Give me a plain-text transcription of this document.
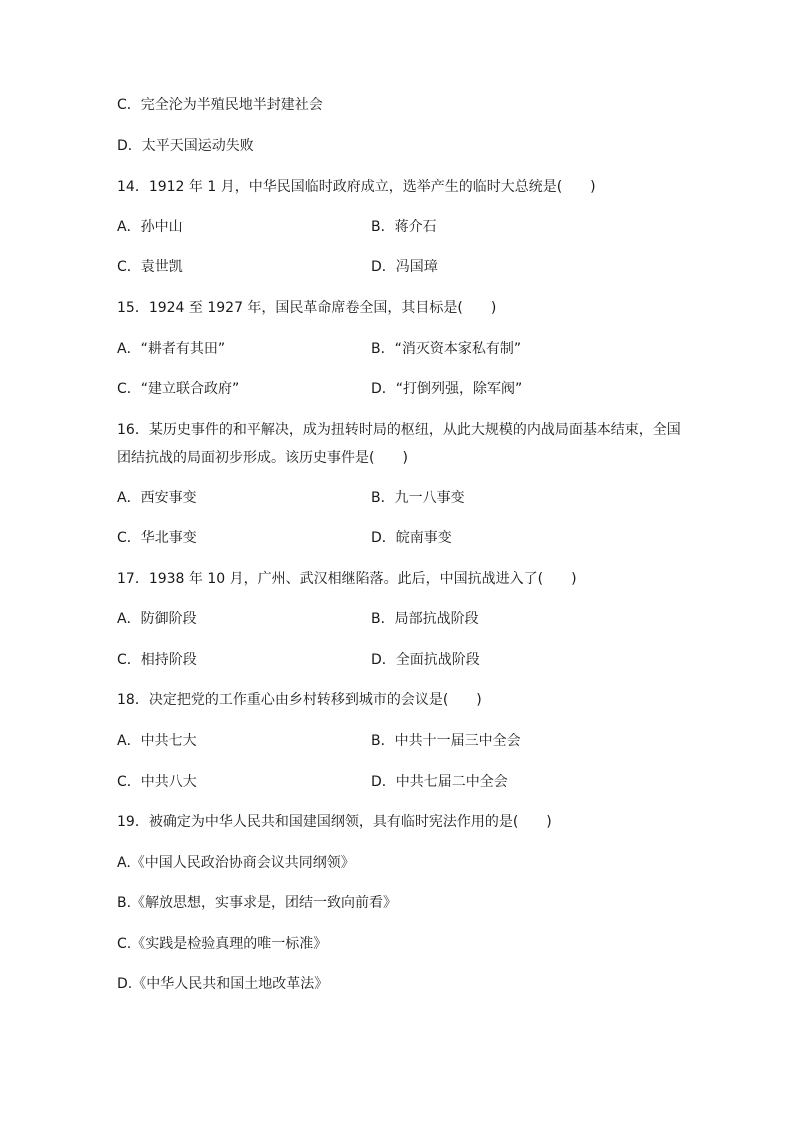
C．完全沦为半殖民地半封建社会
D．太平天国运动失败
14．1912 年 1 月，中华民国临时政府成立，选举产生的临时大总统是(　　)
A．孙中山	B．蒋介石
C．袁世凯	D．冯国璋
15．1924 至 1927 年，国民革命席卷全国，其目标是(　　)
A．“耕者有其田”	B．“消灭资本家私有制”
C．“建立联合政府”	D．“打倒列强，除军阀”
16．某历史事件的和平解决，成为扭转时局的枢纽，从此大规模的内战局面基本结束，全国团结抗战的局面初步形成。该历史事件是(　　)
A．西安事变	B．九一八事变
C．华北事变	D．皖南事变
17．1938 年 10 月，广州、武汉相继陷落。此后，中国抗战进入了(　　)
A．防御阶段	B．局部抗战阶段
C．相持阶段	D．全面抗战阶段
18．决定把党的工作重心由乡村转移到城市的会议是(　　)
A．中共七大	B．中共十一届三中全会
C．中共八大	D．中共七届二中全会
19．被确定为中华人民共和国建国纲领，具有临时宪法作用的是(　　)
A.《中国人民政治协商会议共同纲领》
B.《解放思想，实事求是，团结一致向前看》
C.《实践是检验真理的唯一标准》
D.《中华人民共和国土地改革法》
